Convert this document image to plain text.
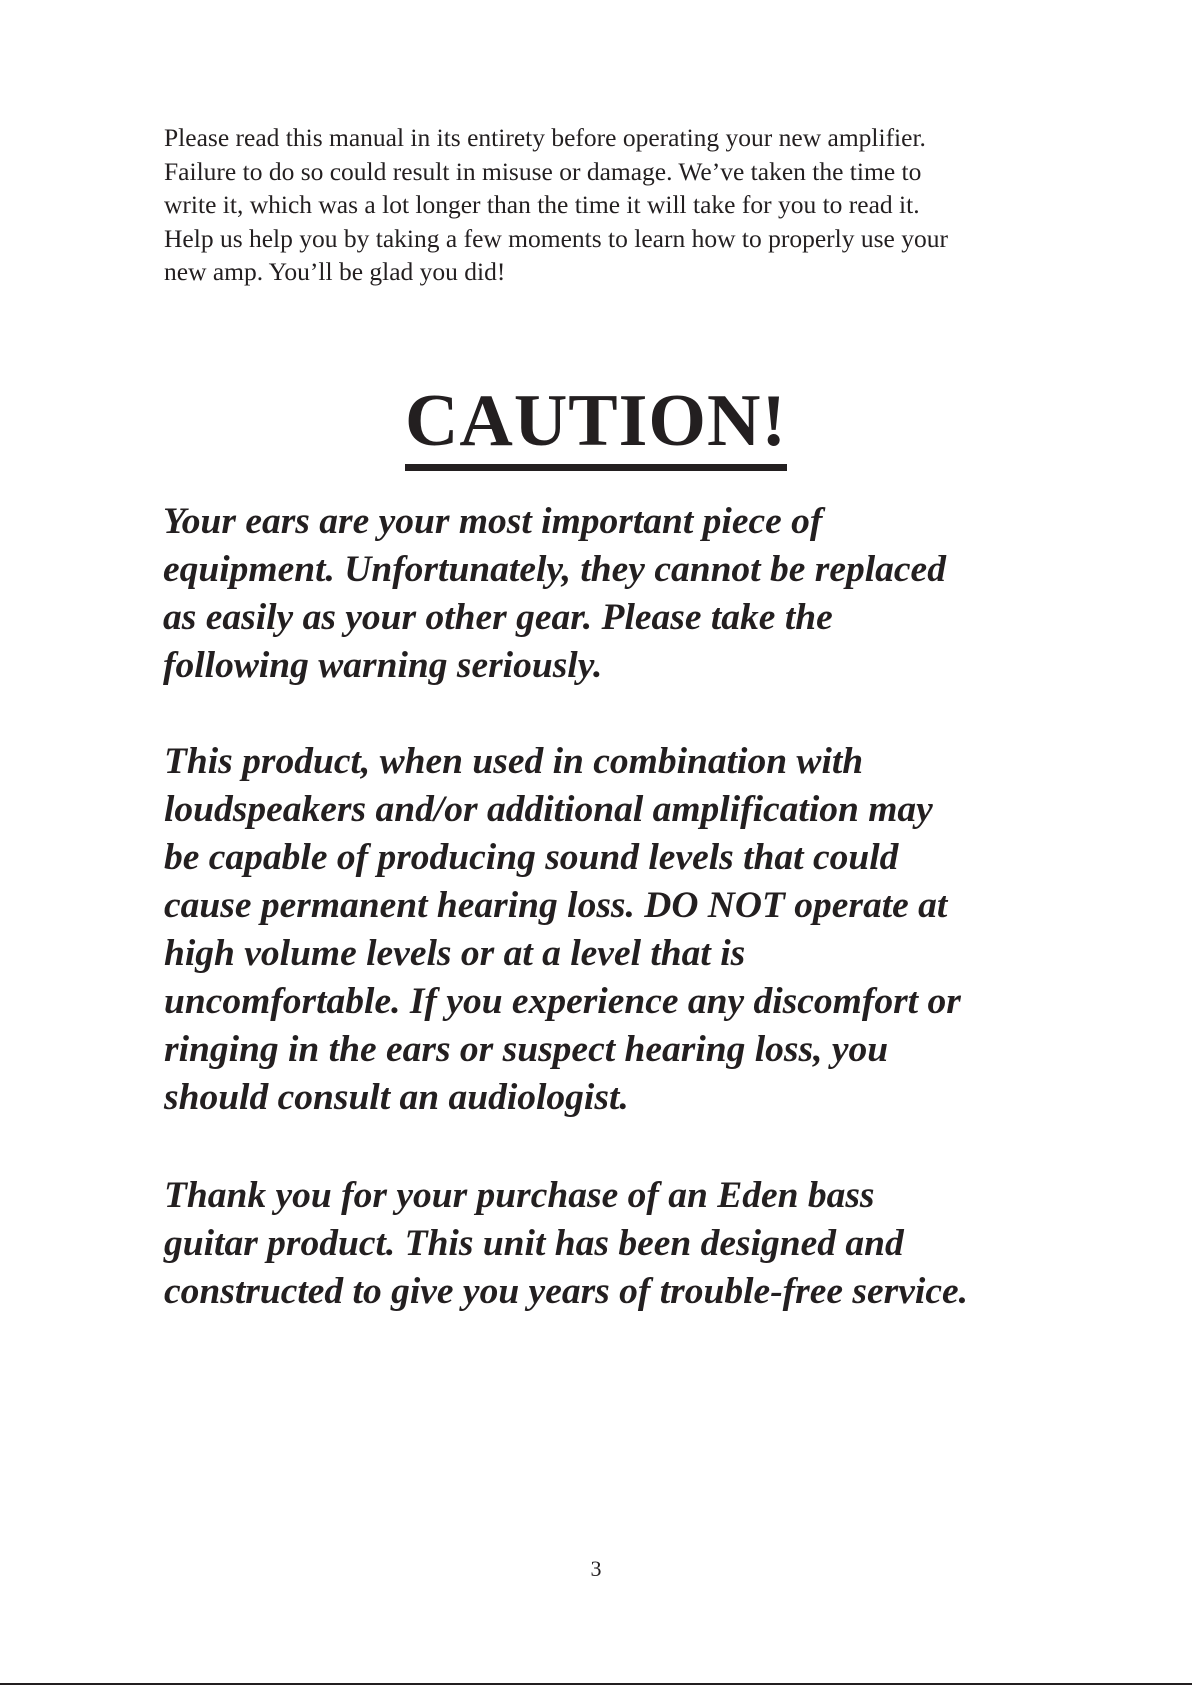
Please read this manual in its entirety before operating your new amplifier.
Failure to do so could result in misuse or damage. We’ve taken the time to
write it, which was a lot longer than the time it will take for you to read it.
Help us help you by taking a few moments to learn how to properly use your
new amp. You’ll be glad you did!

CAUTION!

Your ears are your most important piece of
equipment. Unfortunately, they cannot be replaced
as easily as your other gear. Please take the
following warning seriously.

This product, when used in combination with
loudspeakers and/or additional amplification may
be capable of producing sound levels that could
cause permanent hearing loss. DO NOT operate at
high volume levels or at a level that is
uncomfortable. If you experience any discomfort or
ringing in the ears or suspect hearing loss, you
should consult an audiologist.

Thank you for your purchase of an Eden bass
guitar product. This unit has been designed and
constructed to give you years of trouble-free service.

3
